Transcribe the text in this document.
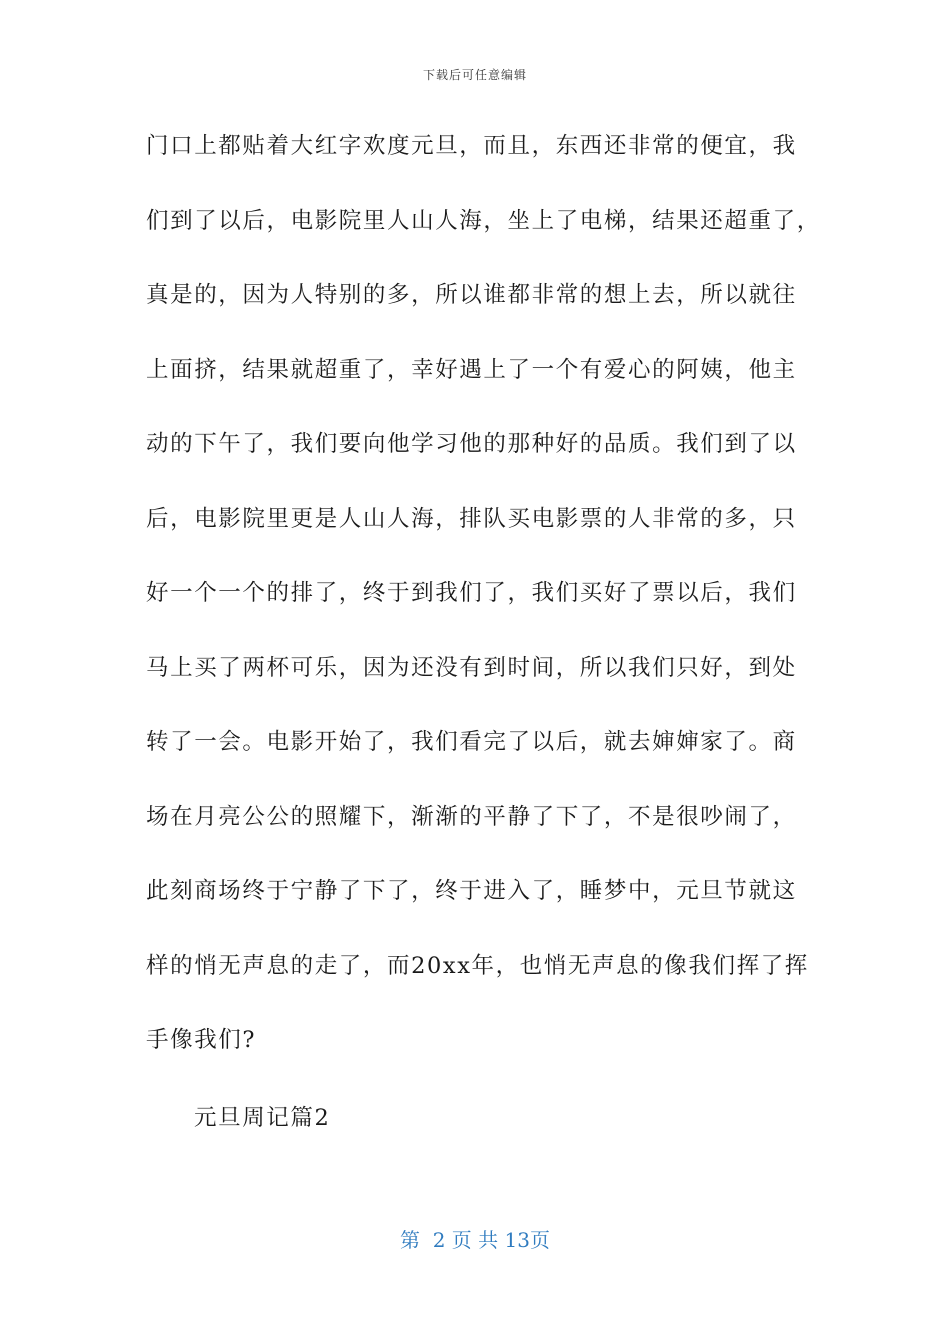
下载后可任意编辑
门口上都贴着大红字欢度元旦，而且，东西还非常的便宜，我
们到了以后，电影院里人山人海，坐上了电梯，结果还超重了，
真是的，因为人特别的多，所以谁都非常的想上去，所以就往
上面挤，结果就超重了，幸好遇上了一个有爱心的阿姨，他主
动的下午了，我们要向他学习他的那种好的品质。我们到了以
后，电影院里更是人山人海，排队买电影票的人非常的多，只
好一个一个的排了，终于到我们了，我们买好了票以后，我们
马上买了两杯可乐，因为还没有到时间，所以我们只好，到处
转了一会。电影开始了，我们看完了以后，就去婶婶家了。商
场在月亮公公的照耀下，渐渐的平静了下了，不是很吵闹了，
此刻商场终于宁静了下了，终于进入了，睡梦中，元旦节就这
样的悄无声息的走了，而20xx年，也悄无声息的像我们挥了挥
手像我们?
元旦周记篇2
第  2 页 共 13页
